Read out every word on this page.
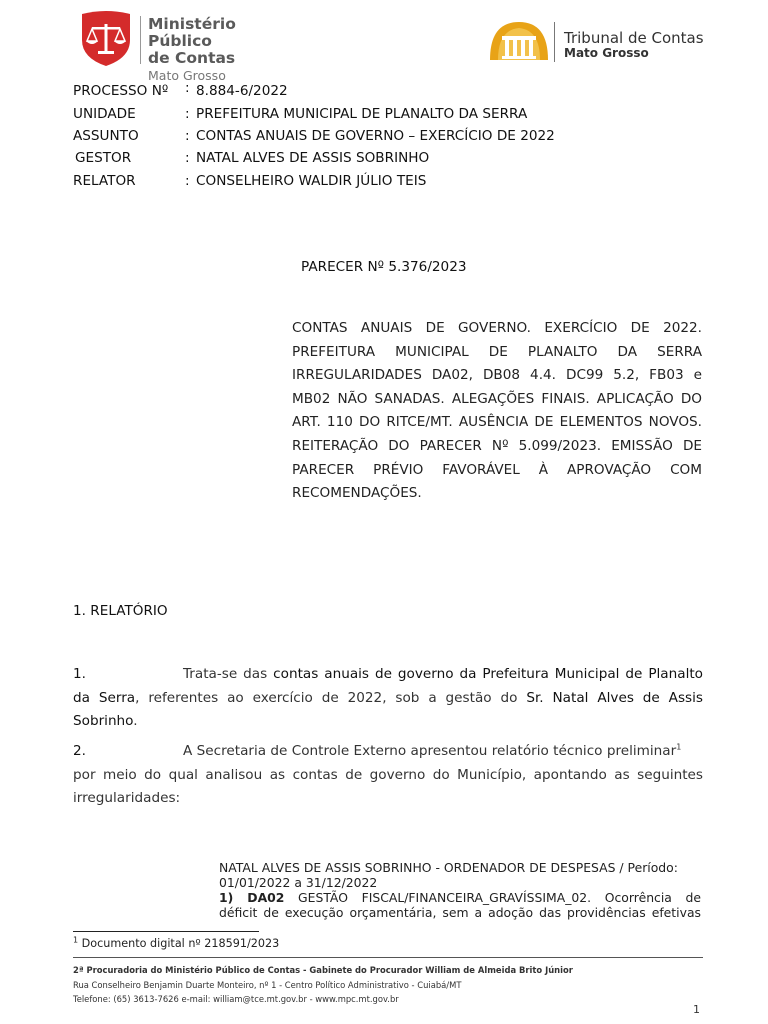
Ministério Público
de Contas
Mato Grosso
Tribunal de Contas
Mato Grosso
PROCESSO Nº	: 8.884-6/2022
UNIDADE	: PREFEITURA MUNICIPAL DE PLANALTO DA SERRA
ASSUNTO	: CONTAS ANUAIS DE GOVERNO – EXERCÍCIO DE 2022
GESTOR	: NATAL ALVES DE ASSIS SOBRINHO
RELATOR	: CONSELHEIRO WALDIR JÚLIO TEIS
PARECER Nº 5.376/2023
CONTAS ANUAIS DE GOVERNO. EXERCÍCIO DE 2022.
PREFEITURA MUNICIPAL DE PLANALTO DA SERRA
IRREGULARIDADES DA02, DB08 4.4. DC99 5.2, FB03 e
MB02 NÃO SANADAS. ALEGAÇÕES FINAIS. APLICAÇÃO DO
ART. 110 DO RITCE/MT. AUSÊNCIA DE ELEMENTOS NOVOS.
REITERAÇÃO DO PARECER Nº 5.099/2023. EMISSÃO DE
PARECER PRÉVIO FAVORÁVEL À APROVAÇÃO COM
RECOMENDAÇÕES.
1. RELATÓRIO
1.	Trata-se das contas anuais de governo da Prefeitura Municipal de Planalto
da Serra, referentes ao exercício de 2022, sob a gestão do Sr. Natal Alves de Assis
Sobrinho.
2.	A Secretaria de Controle Externo apresentou relatório técnico preliminar$^1$
por meio do qual analisou as contas de governo do Município, apontando as seguintes
irregularidades:
NATAL ALVES DE ASSIS SOBRINHO - ORDENADOR DE DESPESAS / Período:
01/01/2022 a 31/12/2022
1) DA02 GESTÃO FISCAL/FINANCEIRA_GRAVÍSSIMA_02. Ocorrência de
déficit de execução orçamentária, sem a adoção das providências efetivas
$^1$ Documento digital nº 218591/2023
2ª Procuradoria do Ministério Público de Contas - Gabinete do Procurador William de Almeida Brito Júnior
Rua Conselheiro Benjamin Duarte Monteiro, nº 1 - Centro Político Administrativo - Cuiabá/MT
Telefone: (65) 3613-7626 e-mail: william@tce.mt.gov.br - www.mpc.mt.gov.br
1
